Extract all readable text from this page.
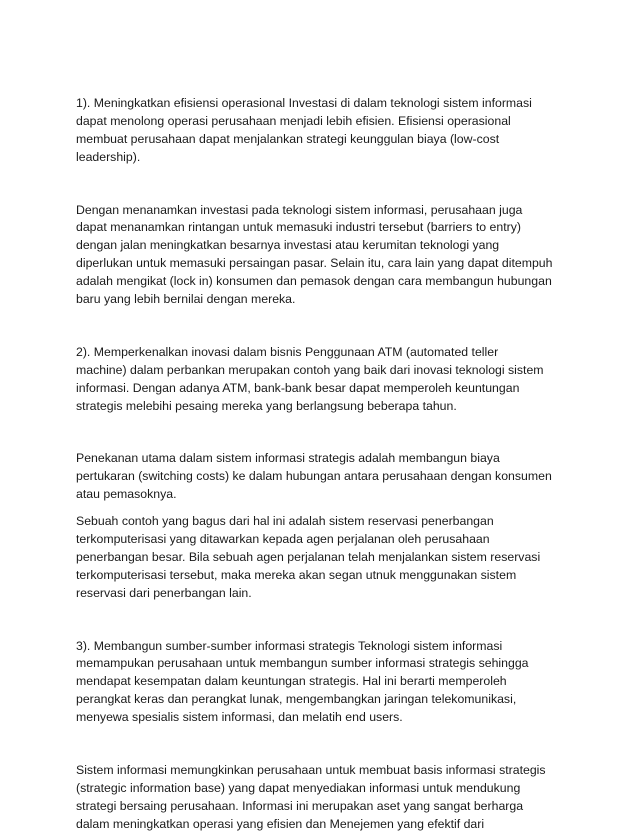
1). Meningkatkan efisiensi operasional Investasi di dalam teknologi sistem informasi
dapat menolong operasi perusahaan menjadi lebih efisien. Efisiensi operasional
membuat perusahaan dapat menjalankan strategi keunggulan biaya (low-cost
leadership).

Dengan menanamkan investasi pada teknologi sistem informasi, perusahaan juga
dapat menanamkan rintangan untuk memasuki industri tersebut (barriers to entry)
dengan jalan meningkatkan besarnya investasi atau kerumitan teknologi yang
diperlukan untuk memasuki persaingan pasar. Selain itu, cara lain yang dapat ditempuh
adalah mengikat (lock in) konsumen dan pemasok dengan cara membangun hubungan
baru yang lebih bernilai dengan mereka.

2). Memperkenalkan inovasi dalam bisnis Penggunaan ATM (automated teller
machine) dalam perbankan merupakan contoh yang baik dari inovasi teknologi sistem
informasi. Dengan adanya ATM, bank-bank besar dapat memperoleh keuntungan
strategis melebihi pesaing mereka yang berlangsung beberapa tahun.

Penekanan utama dalam sistem informasi strategis adalah membangun biaya
pertukaran (switching costs) ke dalam hubungan antara perusahaan dengan konsumen
atau pemasoknya.

Sebuah contoh yang bagus dari hal ini adalah sistem reservasi penerbangan
terkomputerisasi yang ditawarkan kepada agen perjalanan oleh perusahaan
penerbangan besar. Bila sebuah agen perjalanan telah menjalankan sistem reservasi
terkomputerisasi tersebut, maka mereka akan segan utnuk menggunakan sistem
reservasi dari penerbangan lain.

3). Membangun sumber-sumber informasi strategis Teknologi sistem informasi
memampukan perusahaan untuk membangun sumber informasi strategis sehingga
mendapat kesempatan dalam keuntungan strategis. Hal ini berarti memperoleh
perangkat keras dan perangkat lunak, mengembangkan jaringan telekomunikasi,
menyewa spesialis sistem informasi, dan melatih end users.

Sistem informasi memungkinkan perusahaan untuk membuat basis informasi strategis
(strategic information base) yang dapat menyediakan informasi untuk mendukung
strategi bersaing perusahaan. Informasi ini merupakan aset yang sangat berharga
dalam meningkatkan operasi yang efisien dan Menejemen yang efektif dari
